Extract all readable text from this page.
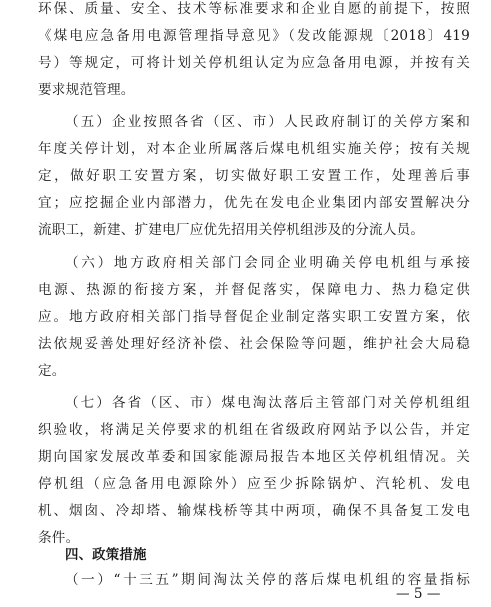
环保、质量、安全、技术等标准要求和企业自愿的前提下，按照
《煤电应急备用电源管理指导意见》（发改能源规〔2018〕419
号）等规定，可将计划关停机组认定为应急备用电源，并按有关
要求规范管理。
（五）企业按照各省（区、市）人民政府制订的关停方案和
年度关停计划，对本企业所属落后煤电机组实施关停；按有关规
定，做好职工安置方案，切实做好职工安置工作，处理善后事
宜；应挖掘企业内部潜力，优先在发电企业集团内部安置解决分
流职工，新建、扩建电厂应优先招用关停机组涉及的分流人员。
（六）地方政府相关部门会同企业明确关停电机组与承接
电源、热源的衔接方案，并督促落实，保障电力、热力稳定供
应。地方政府相关部门指导督促企业制定落实职工安置方案，依
法依规妥善处理好经济补偿、社会保险等问题，维护社会大局稳
定。
（七）各省（区、市）煤电淘汰落后主管部门对关停机组组
织验收，将满足关停要求的机组在省级政府网站予以公告，并定
期向国家发展改革委和国家能源局报告本地区关停机组情况。关
停机组（应急备用电源除外）应至少拆除锅炉、汽轮机、发电
机、烟囱、冷却塔、输煤栈桥等其中两项，确保不具备复工发电
条件。
四、政策措施
（一）“十三五”期间淘汰关停的落后煤电机组的容量指标
— 5 —
